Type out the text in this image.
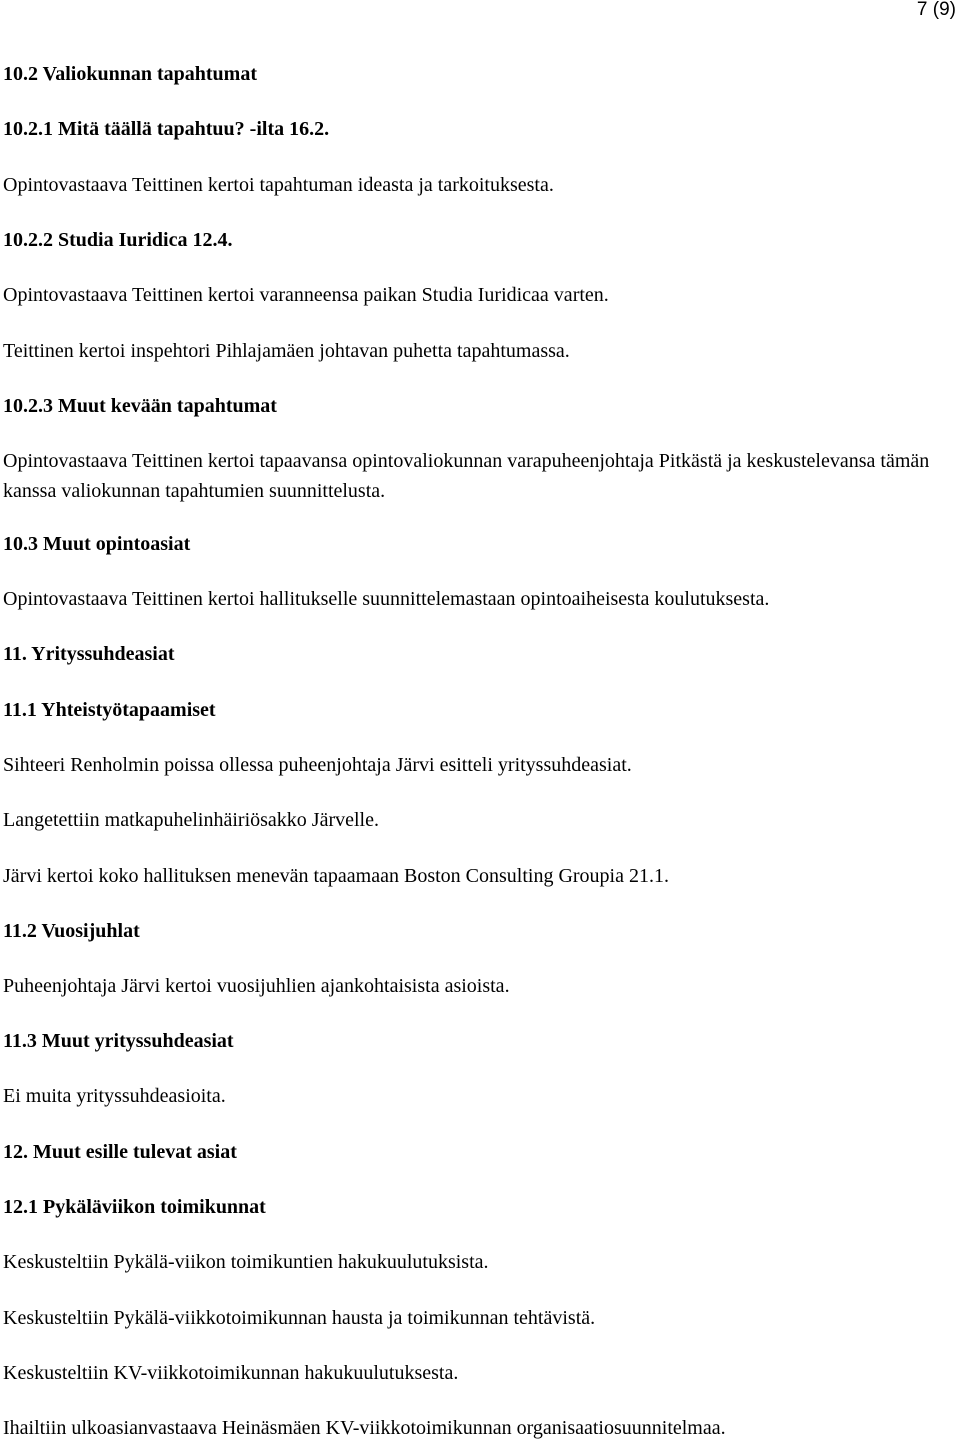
7 (9)
10.2 Valiokunnan tapahtumat
10.2.1 Mitä täällä tapahtuu? -ilta 16.2.
Opintovastaava Teittinen kertoi tapahtuman ideasta ja tarkoituksesta.
10.2.2 Studia Iuridica 12.4.
Opintovastaava Teittinen kertoi varanneensa paikan Studia Iuridicaa varten.
Teittinen kertoi inspehtori Pihlajamäen johtavan puhetta tapahtumassa.
10.2.3 Muut kevään tapahtumat
Opintovastaava Teittinen kertoi tapaavansa opintovaliokunnan varapuheenjohtaja Pitkästä ja keskustelevansa tämän kanssa valiokunnan tapahtumien suunnittelusta.
10.3 Muut opintoasiat
Opintovastaava Teittinen kertoi hallitukselle suunnittelemastaan opintoaiheisesta koulutuksesta.
11. Yrityssuhdeasiat
11.1 Yhteistyötapaamiset
Sihteeri Renholmin poissa ollessa puheenjohtaja Järvi esitteli yrityssuhdeasiat.
Langetettiin matkapuhelinhäiriösakko Järvelle.
Järvi kertoi koko hallituksen menevän tapaamaan Boston Consulting Groupia 21.1.
11.2 Vuosijuhlat
Puheenjohtaja Järvi kertoi vuosijuhlien ajankohtaisista asioista.
11.3 Muut yrityssuhdeasiat
Ei muita yrityssuhdeasioita.
12. Muut esille tulevat asiat
12.1 Pykäläviikon toimikunnat
Keskusteltiin Pykälä-viikon toimikuntien hakukuulutuksista.
Keskusteltiin Pykälä-viikkotoimikunnan hausta ja toimikunnan tehtävistä.
Keskusteltiin KV-viikkotoimikunnan hakukuulutuksesta.
Ihailtiin ulkoasianvastaava Heinäsmäen KV-viikkotoimikunnan organisaatiosuunnitelmaa.
